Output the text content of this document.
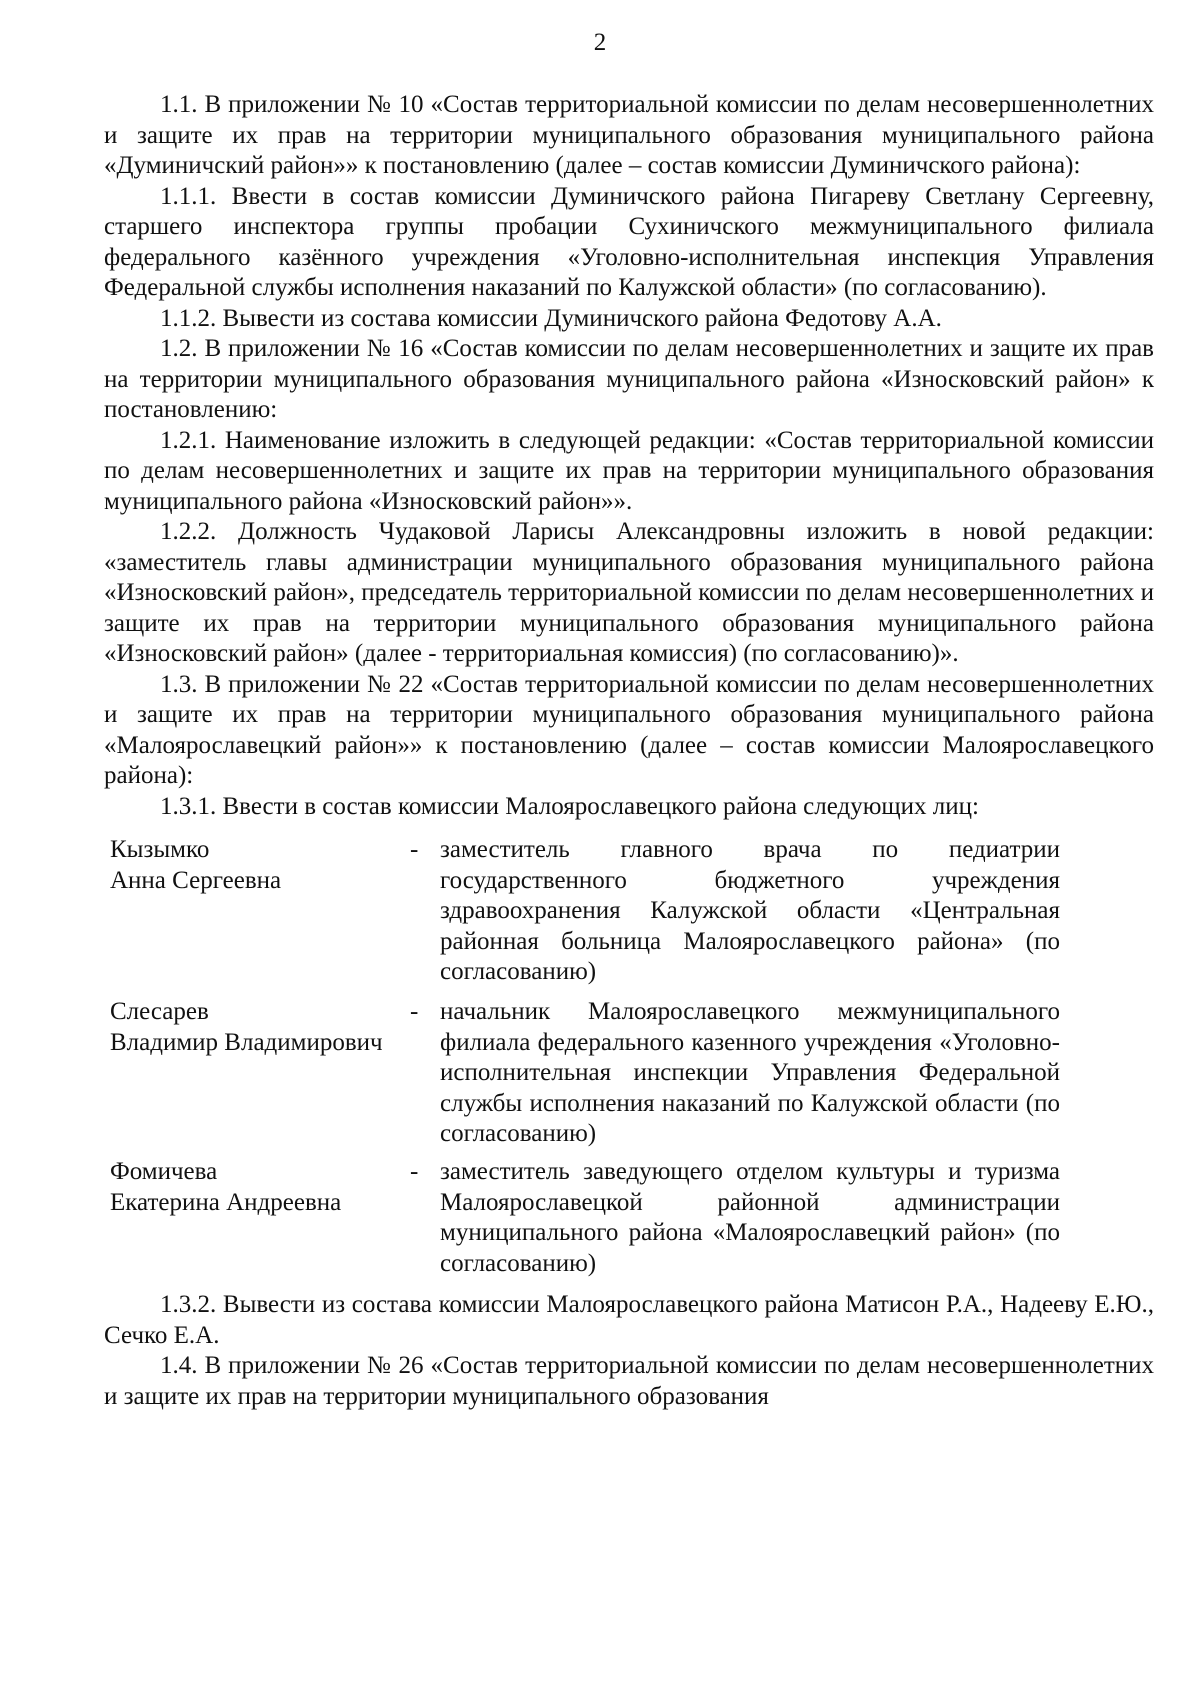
2

1.1. В приложении № 10 «Состав территориальной комиссии по делам несовершеннолетних и защите их прав на территории муниципального образования муниципального района «Думиничский район»» к постановлению (далее – состав комиссии Думиничского района):

1.1.1. Ввести в состав комиссии Думиничского района Пигареву Светлану Сергеевну, старшего инспектора группы пробации Сухиничского межмуниципального филиала федерального казённого учреждения «Уголовно-исполнительная инспекция Управления Федеральной службы исполнения наказаний по Калужской области» (по согласованию).

1.1.2. Вывести из состава комиссии Думиничского района Федотову А.А.

1.2. В приложении № 16 «Состав комиссии по делам несовершеннолетних и защите их прав на территории муниципального образования муниципального района «Износковский район» к постановлению:

1.2.1. Наименование изложить в следующей редакции: «Состав территориальной комиссии по делам несовершеннолетних и защите их прав на территории муниципального образования муниципального района «Износковский район»».

1.2.2. Должность Чудаковой Ларисы Александровны изложить в новой редакции: «заместитель главы администрации муниципального образования муниципального района «Износковский район», председатель территориальной комиссии по делам несовершеннолетних и защите их прав на территории муниципального образования муниципального района «Износковский район» (далее - территориальная комиссия) (по согласованию)».

1.3. В приложении № 22 «Состав территориальной комиссии по делам несовершеннолетних и защите их прав на территории муниципального образования муниципального района «Малоярославецкий район»» к постановлению (далее – состав комиссии Малоярославецкого района):

1.3.1. Ввести в состав комиссии Малоярославецкого района следующих лиц:

Кызымко
Анна Сергеевна
- заместитель главного врача по педиатрии государственного бюджетного учреждения здравоохранения Калужской области «Центральная районная больница Малоярославецкого района» (по согласованию)
Слесарев
Владимир Владимирович
- начальник Малоярославецкого межмуниципального филиала федерального казенного учреждения «Уголовно-исполнительная инспекции Управления Федеральной службы исполнения наказаний по Калужской области (по согласованию)
Фомичева
Екатерина Андреевна
- заместитель заведующего отделом культуры и туризма Малоярославецкой районной администрации муниципального района «Малоярославецкий район» (по согласованию)

1.3.2. Вывести из состава комиссии Малоярославецкого района Матисон Р.А., Надееву Е.Ю., Сечко Е.А.

1.4. В приложении № 26 «Состав территориальной комиссии по делам несовершеннолетних и защите их прав на территории муниципального образования
